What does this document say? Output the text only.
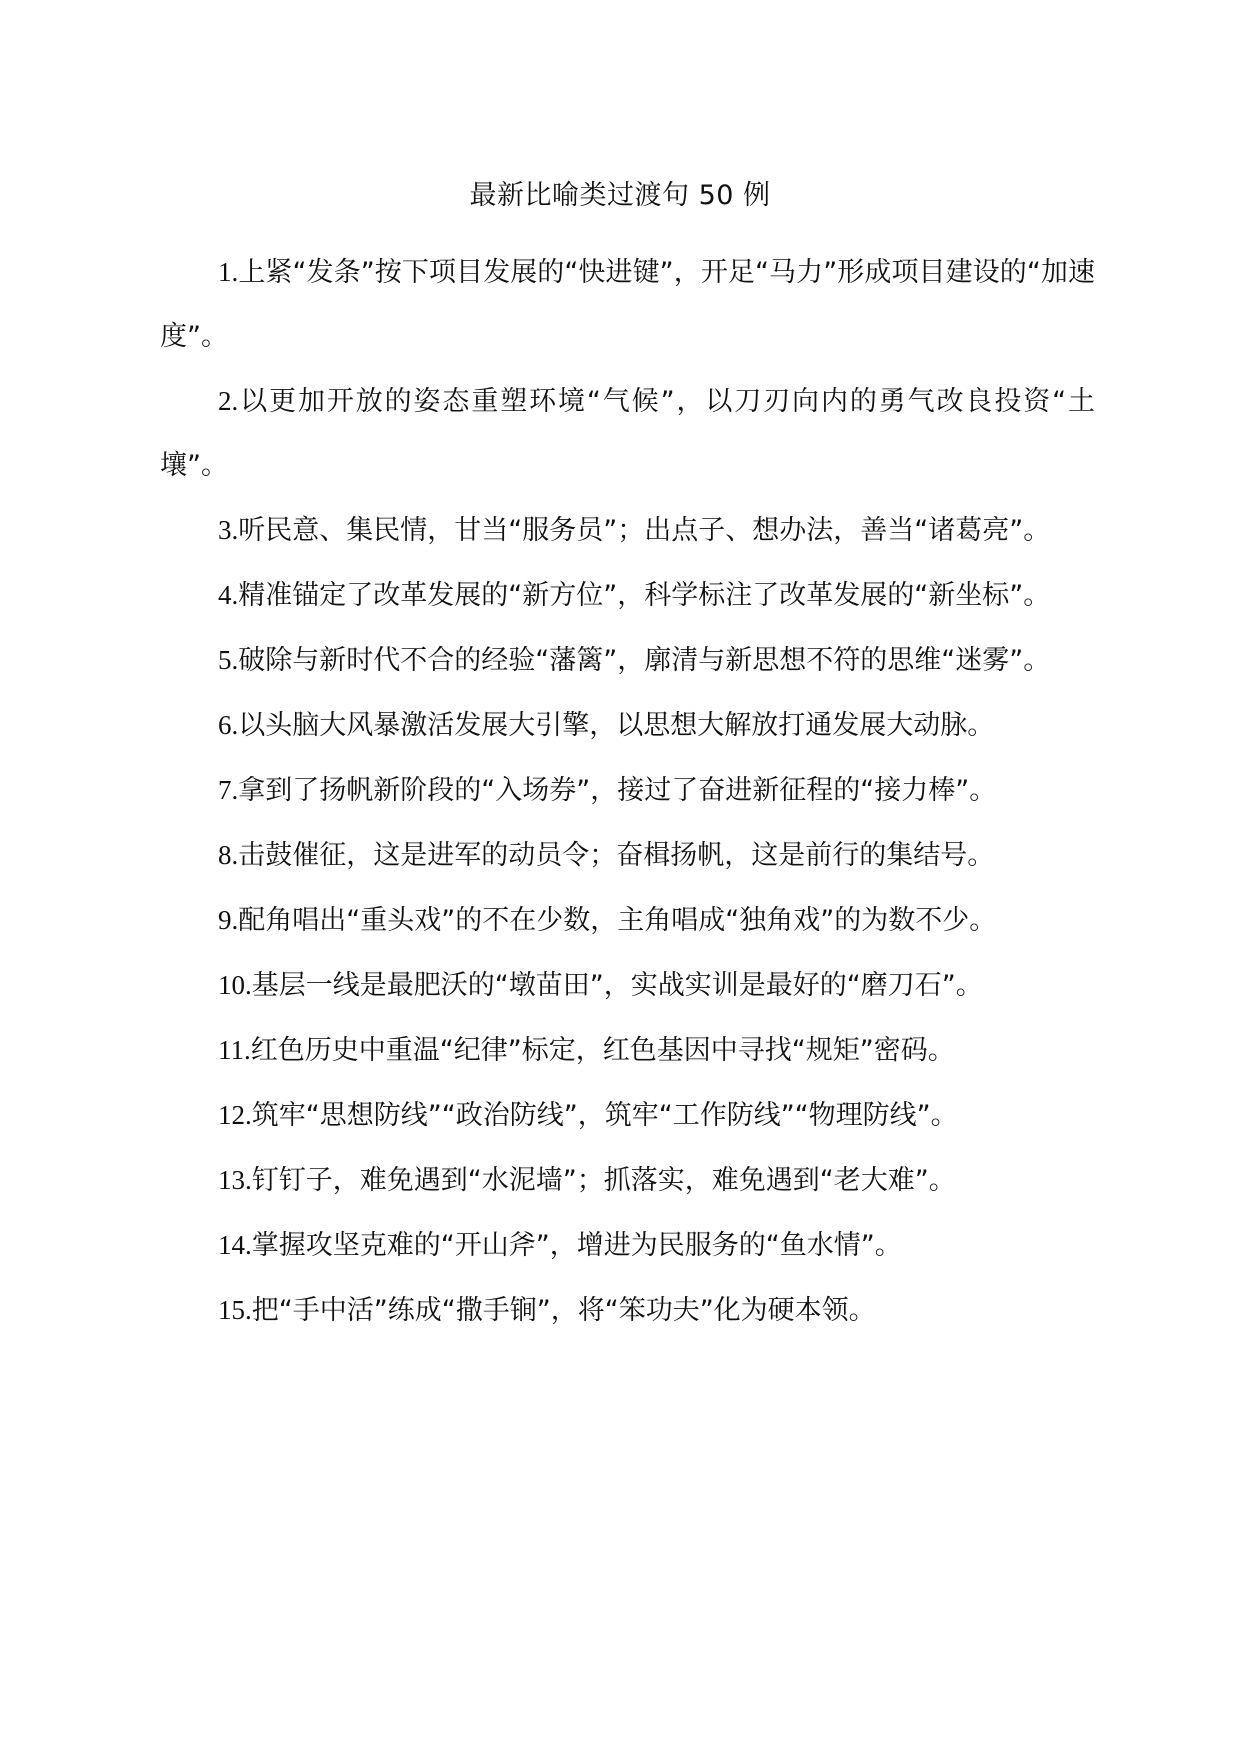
最新比喻类过渡句 50 例

1.上紧“发条”按下项目发展的“快进键”，开足“马力”形成项目建设的“加速度”。

2.以更加开放的姿态重塑环境“气候”，以刀刃向内的勇气改良投资“土壤”。

3.听民意、集民情，甘当“服务员”；出点子、想办法，善当“诸葛亮”。

4.精准锚定了改革发展的“新方位”，科学标注了改革发展的“新坐标”。

5.破除与新时代不合的经验“藩篱”，廓清与新思想不符的思维“迷雾”。

6.以头脑大风暴激活发展大引擎，以思想大解放打通发展大动脉。

7.拿到了扬帆新阶段的“入场券”，接过了奋进新征程的“接力棒”。

8.击鼓催征，这是进军的动员令；奋楫扬帆，这是前行的集结号。

9.配角唱出“重头戏”的不在少数，主角唱成“独角戏”的为数不少。

10.基层一线是最肥沃的“墩苗田”，实战实训是最好的“磨刀石”。

11.红色历史中重温“纪律”标定，红色基因中寻找“规矩”密码。

12.筑牢“思想防线”“政治防线”，筑牢“工作防线”“物理防线”。

13.钉钉子，难免遇到“水泥墙”；抓落实，难免遇到“老大难”。

14.掌握攻坚克难的“开山斧”，增进为民服务的“鱼水情”。

15.把“手中活”练成“撒手锏”，将“笨功夫”化为硬本领。
